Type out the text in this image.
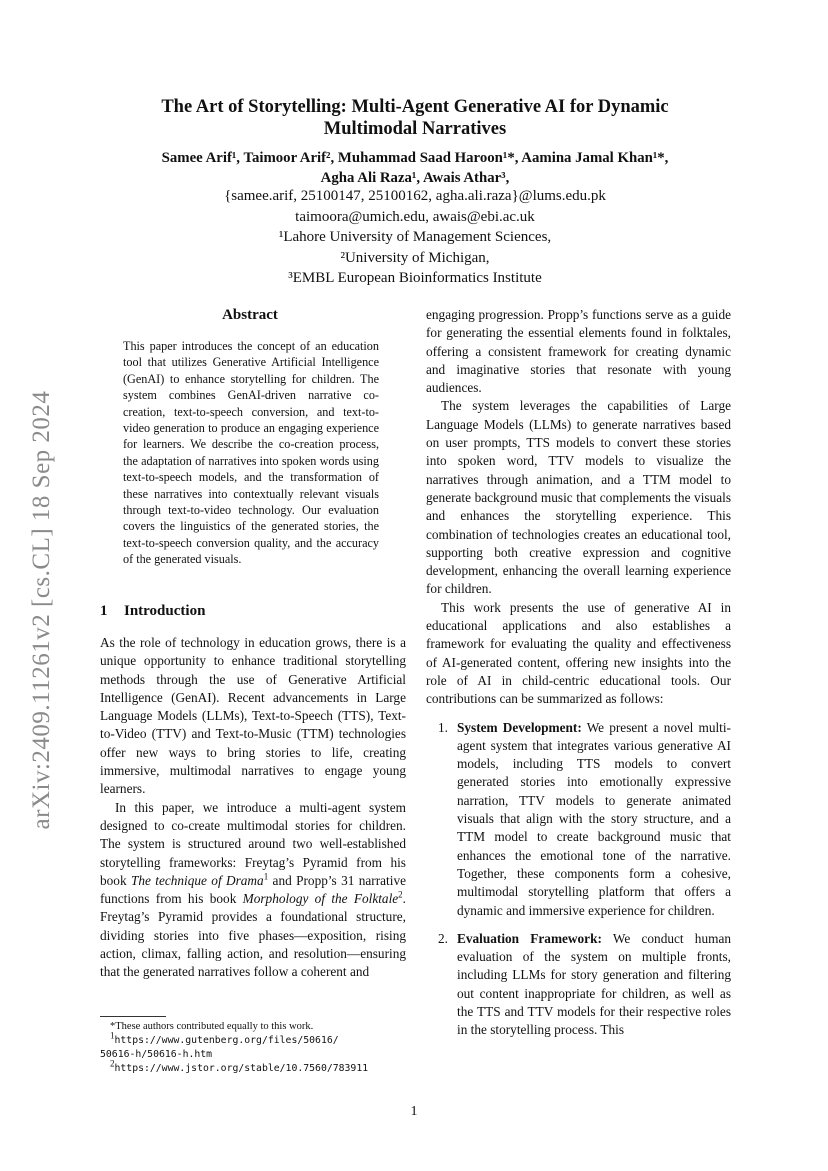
arXiv:2409.11261v2 [cs.CL] 18 Sep 2024
The Art of Storytelling: Multi-Agent Generative AI for Dynamic
Multimodal Narratives
Samee Arif¹, Taimoor Arif², Muhammad Saad Haroon¹*, Aamina Jamal Khan¹*,
Agha Ali Raza¹, Awais Athar³,
{samee.arif, 25100147, 25100162, agha.ali.raza}@lums.edu.pk
taimoora@umich.edu, awais@ebi.ac.uk
¹Lahore University of Management Sciences,
²University of Michigan,
³EMBL European Bioinformatics Institute
Abstract

This paper introduces the concept of an education tool that utilizes Generative Artificial Intelligence (GenAI) to enhance storytelling for children. The system combines GenAI-driven narrative co-creation, text-to-speech conversion, and text-to-video generation to produce an engaging experience for learners. We describe the co-creation process, the adaptation of narratives into spoken words using text-to-speech models, and the transformation of these narratives into contextually relevant visuals through text-to-video technology. Our evaluation covers the linguistics of the generated stories, the text-to-speech conversion quality, and the accuracy of the generated visuals.

1 Introduction

As the role of technology in education grows, there is a unique opportunity to enhance traditional storytelling methods through the use of Generative Artificial Intelligence (GenAI). Recent advancements in Large Language Models (LLMs), Text-to-Speech (TTS), Text-to-Video (TTV) and Text-to-Music (TTM) technologies offer new ways to bring stories to life, creating immersive, multimodal narratives to engage young learners.

In this paper, we introduce a multi-agent system designed to co-create multimodal stories for children. The system is structured around two well-established storytelling frameworks: Freytag’s Pyramid from his book The technique of Drama$^1$ and Propp’s 31 narrative functions from his book Morphology of the Folktale$^2$. Freytag’s Pyramid provides a foundational structure, dividing stories into five phases—exposition, rising action, climax, falling action, and resolution—ensuring that the generated narratives follow a coherent and

engaging progression. Propp’s functions serve as a guide for generating the essential elements found in folktales, offering a consistent framework for creating dynamic and imaginative stories that resonate with young audiences.

The system leverages the capabilities of Large Language Models (LLMs) to generate narratives based on user prompts, TTS models to convert these stories into spoken word, TTV models to visualize the narratives through animation, and a TTM model to generate background music that complements the visuals and enhances the storytelling experience. This combination of technologies creates an educational tool, supporting both creative expression and cognitive development, enhancing the overall learning experience for children.

This work presents the use of generative AI in educational applications and also establishes a framework for evaluating the quality and effectiveness of AI-generated content, offering new insights into the role of AI in child-centric educational tools. Our contributions can be summarized as follows:

1. System Development: We present a novel multi-agent system that integrates various generative AI models, including TTS models to convert generated stories into emotionally expressive narration, TTV models to generate animated visuals that align with the story structure, and a TTM model to create background music that enhances the emotional tone of the narrative. Together, these components form a cohesive, multimodal storytelling platform that offers a dynamic and immersive experience for children.
2. Evaluation Framework: We conduct human evaluation of the system on multiple fronts, including LLMs for story generation and filtering out content inappropriate for children, as well as the TTS and TTV models for their respective roles in the storytelling process. This
*These authors contributed equally to this work.
$^1$https://www.gutenberg.org/files/50616/
50616-h/50616-h.htm
$^2$https://www.jstor.org/stable/10.7560/783911
1
